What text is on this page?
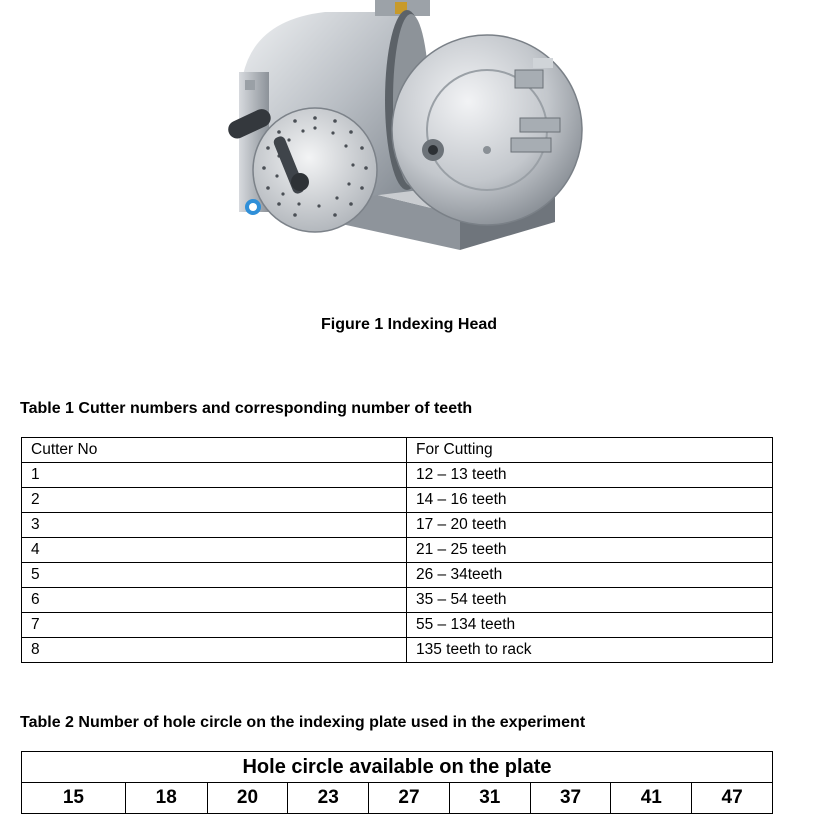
Figure 1 Indexing Head
Table 1 Cutter numbers and corresponding number of teeth
Cutter No	For Cutting
1	12 – 13 teeth
2	14 – 16 teeth
3	17 – 20 teeth
4	21 – 25 teeth
5	26 – 34teeth
6	35 – 54 teeth
7	55 – 134 teeth
8	135 teeth to rack
Table 2 Number of hole circle on the indexing plate used in the experiment
Hole circle available on the plate
15	18	20	23	27	31	37	41	47
